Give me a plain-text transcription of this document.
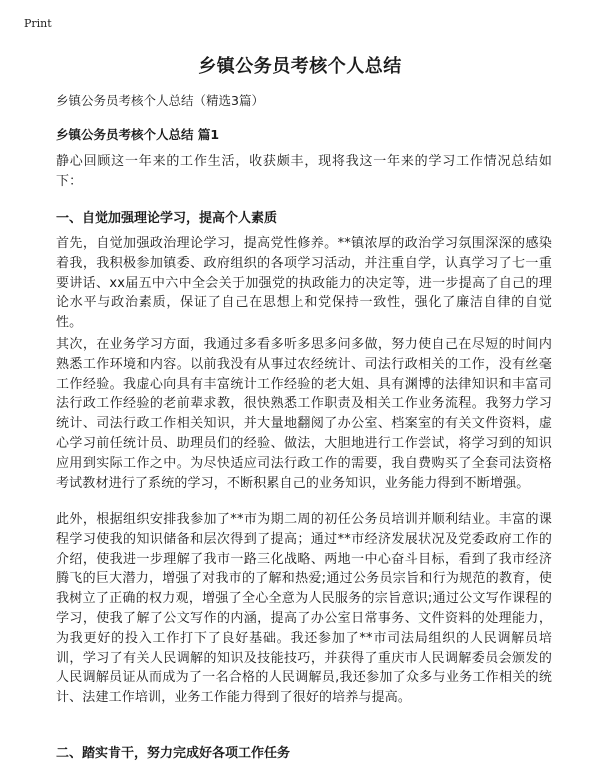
Print
乡镇公务员考核个人总结
乡镇公务员考核个人总结（精选3篇）
乡镇公务员考核个人总结 篇1

静心回顾这一年来的工作生活，收获颇丰，现将我这一年来的学习工作情况总结如下：

一、自觉加强理论学习，提高个人素质

首先，自觉加强政治理论学习，提高党性修养。**镇浓厚的政治学习氛围深深的感染着我，我积极参加镇委、政府组织的各项学习活动，并注重自学，认真学习了七一重要讲话、xx届五中六中全会关于加强党的执政能力的决定等，进一步提高了自己的理论水平与政治素质，保证了自己在思想上和党保持一致性，强化了廉洁自律的自觉性。

其次，在业务学习方面，我通过多看多听多思多问多做，努力使自己在尽短的时间内熟悉工作环境和内容。以前我没有从事过农经统计、司法行政相关的工作，没有丝毫工作经验。我虚心向具有丰富统计工作经验的老大姐、具有渊博的法律知识和丰富司法行政工作经验的老前辈求教，很快熟悉工作职责及相关工作业务流程。我努力学习统计、司法行政工作相关知识，并大量地翻阅了办公室、档案室的有关文件资料，虚心学习前任统计员、助理员们的经验、做法，大胆地进行工作尝试，将学习到的知识应用到实际工作之中。为尽快适应司法行政工作的需要，我自费购买了全套司法资格考试教材进行了系统的学习，不断积累自己的业务知识，业务能力得到不断增强。

此外，根据组织安排我参加了**市为期二周的初任公务员培训并顺利结业。丰富的课程学习使我的知识储备和层次得到了提高；通过**市经济发展状况及党委政府工作的介绍，使我进一步理解了我市一路三化战略、两地一中心奋斗目标，看到了我市经济腾飞的巨大潜力，增强了对我市的了解和热爱;通过公务员宗旨和行为规范的教育，使我树立了正确的权力观，增强了全心全意为人民服务的宗旨意识;通过公文写作课程的学习，使我了解了公文写作的内涵，提高了办公室日常事务、文件资料的处理能力，为我更好的投入工作打下了良好基础。我还参加了**市司法局组织的人民调解员培训，学习了有关人民调解的知识及技能技巧，并获得了重庆市人民调解委员会颁发的人民调解员证从而成为了一名合格的人民调解员,我还参加了众多与业务工作相关的统计、法建工作培训，业务工作能力得到了很好的培养与提高。

二、踏实肯干，努力完成好各项工作任务
